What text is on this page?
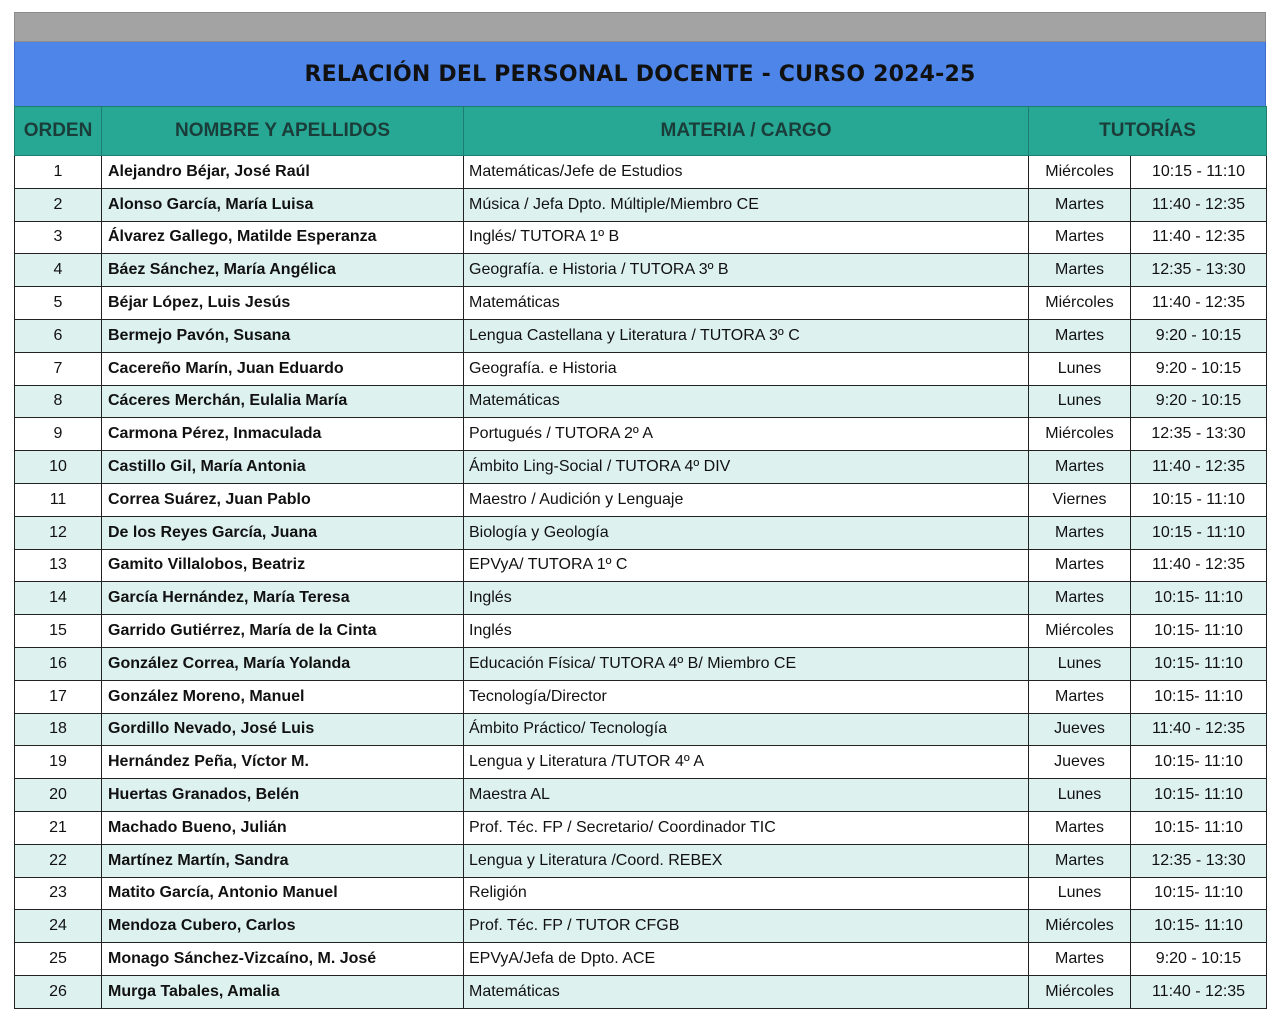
RELACIÓN DEL PERSONAL DOCENTE - CURSO 2024-25
ORDEN	NOMBRE Y APELLIDOS	MATERIA / CARGO	TUTORÍAS	
1	Alejandro Béjar, José Raúl	Matemáticas/Jefe de Estudios	Miércoles	10:15 - 11:10
2	Alonso García, María Luisa	Música / Jefa Dpto. Múltiple/Miembro CE	Martes	11:40 - 12:35
3	Álvarez Gallego, Matilde Esperanza	Inglés/ TUTORA 1º B	Martes	11:40 - 12:35
4	Báez Sánchez, María Angélica	Geografía. e Historia / TUTORA 3º B	Martes	12:35 - 13:30
5	Béjar López, Luis Jesús	Matemáticas	Miércoles	11:40 - 12:35
6	Bermejo Pavón, Susana	Lengua Castellana y Literatura / TUTORA 3º C	Martes	9:20 - 10:15
7	Cacereño Marín, Juan Eduardo	Geografía. e Historia	Lunes	9:20 - 10:15
8	Cáceres Merchán, Eulalia María	Matemáticas	Lunes	9:20 - 10:15
9	Carmona Pérez, Inmaculada	Portugués / TUTORA 2º A	Miércoles	12:35 - 13:30
10	Castillo Gil, María Antonia	Ámbito Ling-Social / TUTORA 4º DIV	Martes	11:40 - 12:35
11	Correa Suárez, Juan Pablo	Maestro / Audición y Lenguaje	Viernes	10:15 - 11:10
12	De los Reyes García, Juana	Biología y Geología	Martes	10:15 - 11:10
13	Gamito Villalobos, Beatriz	EPVyA/ TUTORA 1º C	Martes	11:40 - 12:35
14	García Hernández, María Teresa	Inglés	Martes	10:15- 11:10
15	Garrido Gutiérrez, María de la Cinta	Inglés	Miércoles	10:15- 11:10
16	González Correa, María Yolanda	Educación Física/ TUTORA 4º B/ Miembro CE	Lunes	10:15- 11:10
17	González Moreno, Manuel	Tecnología/Director	Martes	10:15- 11:10
18	Gordillo Nevado, José Luis	Ámbito Práctico/ Tecnología	Jueves	11:40 - 12:35
19	Hernández Peña, Víctor M.	Lengua y Literatura /TUTOR 4º A	Jueves	10:15- 11:10
20	Huertas Granados, Belén	Maestra AL	Lunes	10:15- 11:10
21	Machado Bueno, Julián	Prof. Téc. FP / Secretario/ Coordinador TIC	Martes	10:15- 11:10
22	Martínez Martín, Sandra	Lengua y Literatura /Coord. REBEX	Martes	12:35 - 13:30
23	Matito García, Antonio Manuel	Religión	Lunes	10:15- 11:10
24	Mendoza Cubero, Carlos	Prof. Téc. FP / TUTOR CFGB	Miércoles	10:15- 11:10
25	Monago Sánchez-Vizcaíno, M. José	EPVyA/Jefa de Dpto. ACE	Martes	9:20 - 10:15
26	Murga Tabales, Amalia	Matemáticas	Miércoles	11:40 - 12:35
